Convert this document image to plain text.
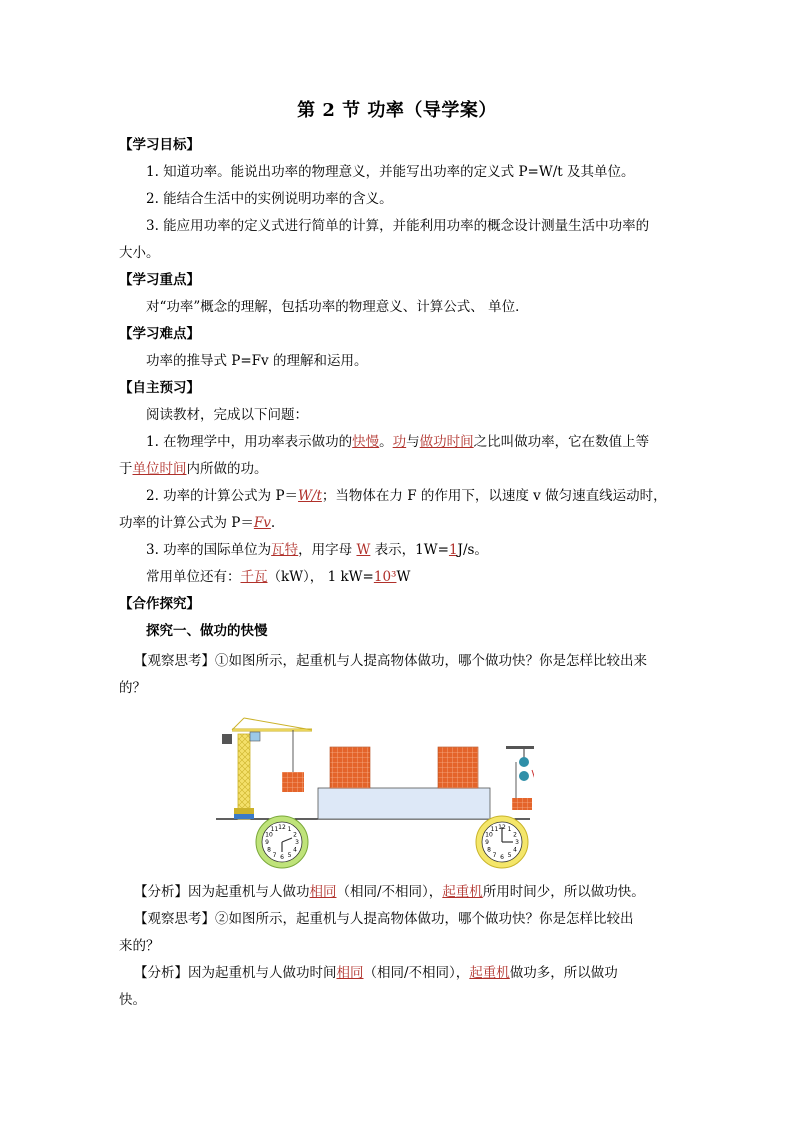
第 2 节 功率（导学案）
【学习目标】
1. 知道功率。能说出功率的物理意义，并能写出功率的定义式 P=W/t 及其单位。
2. 能结合生活中的实例说明功率的含义。
3. 能应用功率的定义式进行简单的计算，并能利用功率的概念设计测量生活中功率的
大小。
【学习重点】
对“功率”概念的理解，包括功率的物理意义、计算公式、 单位．
【学习难点】
功率的推导式 P=Fv 的理解和运用。
【自主预习】
阅读教材，完成以下问题：
1. 在物理学中，用功率表示做功的快慢。功与做功时间之比叫做功率，它在数值上等
于单位时间内所做的功。
2. 功率的计算公式为 P＝W/t；当物体在力 F 的作用下，以速度 v 做匀速直线运动时，
功率的计算公式为 P＝Fv.
3. 功率的国际单位为瓦特，用字母 W 表示，1W=1J/s。
常用单位还有：千瓦（kW）， 1 kW=10³W
【合作探究】
探究一、做功的快慢
【观察思考】①如图所示，起重机与人提高物体做功，哪个做功快？你是怎样比较出来
的？
12 1
2
3
4
5
6
7
8
9
10
11	12 1
2
3
4
5
6
7
8
9
10
11
【分析】因为起重机与人做功相同（相同/不相同），起重机所用时间少，所以做功快。
【观察思考】②如图所示，起重机与人提高物体做功，哪个做功快？你是怎样比较出
来的？
【分析】因为起重机与人做功时间相同（相同/不相同），起重机做功多，所以做功
快。
